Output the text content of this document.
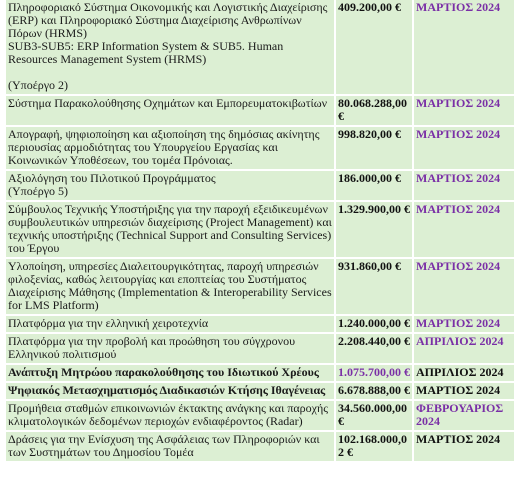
Πληροφοριακό Σύστημα Οικονομικής και Λογιστικής Διαχείρισης (ERP) και Πληροφοριακό Σύστημα Διαχείρισης Ανθρωπίνων Πόρων (HRMS)
SUB3-SUB5: ERP Information System & SUB5. Human Resources Management System (HRMS)

(Υποέργο 2)	409.200,00 €	ΜΑΡΤΙΟΣ 2024
Σύστημα Παρακολούθησης Οχημάτων και Εμπορευματοκιβωτίων	80.068.288,00 €	ΜΑΡΤΙΟΣ 2024
Απογραφή, ψηφιοποίηση και αξιοποίηση της δημόσιας ακίνητης περιουσίας αρμοδιότητας του Υπουργείου Εργασίας και Κοινωνικών Υποθέσεων, του τομέα Πρόνοιας.	998.820,00 €	ΜΑΡΤΙΟΣ 2024
Αξιολόγηση του Πιλοτικού Προγράμματος
(Υποέργο 5)	186.000,00 €	ΜΑΡΤΙΟΣ 2024
Σύμβουλος Τεχνικής Υποστήριξης για την παροχή εξειδικευμένων συμβουλευτικών υπηρεσιών διαχείρισης (Project Management) και τεχνικής υποστήριξης (Technical Support and Consulting Services) του Έργου	1.329.900,00 €	ΜΑΡΤΙΟΣ 2024
Υλοποίηση, υπηρεσίες Διαλειτουργικότητας, παροχή υπηρεσιών φιλοξενίας, καθώς λειτουργίας και εποπτείας του Συστήματος Διαχείρισης Μάθησης (Implementation & Interoperability Services for LMS Platform)	931.860,00 €	ΜΑΡΤΙΟΣ 2024
Πλατφόρμα για την ελληνική χειροτεχνία	1.240.000,00 €	ΜΑΡΤΙΟΣ 2024
Πλατφόρμα για την προβολή και προώθηση του σύγχρονου Ελληνικού πολιτισμού	2.208.440,00 €	ΑΠΡΙΛΙΟΣ 2024
Ανάπτυξη Μητρώου παρακολούθησης του Ιδιωτικού Χρέους	1.075.700,00 €	ΑΠΡΙΛΙΟΣ 2024
Ψηφιακός Μετασχηματισμός Διαδικασιών Κτήσης Ιθαγένειας	6.678.888,00 €	ΜΑΡΤΙΟΣ 2024
Προμήθεια σταθμών επικοινωνιών έκτακτης ανάγκης και παροχής κλιματολογικών δεδομένων περιοχών ενδιαφέροντος (Radar)	34.560.000,00 €	ΦΕΒΡΟΥΑΡΙΟΣ 2024
Δράσεις για την Ενίσχυση της Ασφάλειας των Πληροφοριών και των Συστημάτων του Δημοσίου Τομέα	102.168.000,02 €	ΜΑΡΤΙΟΣ 2024
